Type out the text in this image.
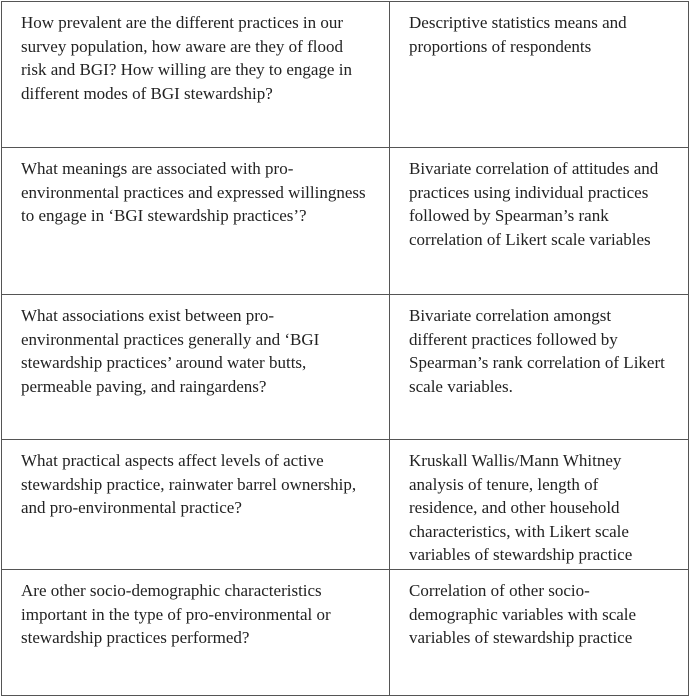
How prevalent are the different practices in our survey population, how aware are they of flood risk and BGI? How willing are they to engage in different modes of BGI stewardship?	Descriptive statistics means and proportions of respondents

What meanings are associated with pro-environmental practices and expressed willingness to engage in ‘BGI stewardship practices’?	Bivariate correlation of attitudes and practices using individual practices followed by Spearman’s rank correlation of Likert scale variables

What associations exist between pro-environmental practices generally and ‘BGI stewardship practices’ around water butts, permeable paving, and raingardens?	Bivariate correlation amongst different practices followed by Spearman’s rank correlation of Likert scale variables.

What practical aspects affect levels of active stewardship practice, rainwater barrel ownership, and pro-environmental practice?	Kruskall Wallis/Mann Whitney analysis of tenure, length of residence, and other household characteristics, with Likert scale variables of stewardship practice

Are other socio-demographic characteristics important in the type of pro-environmental or stewardship practices performed?	Correlation of other socio-demographic variables with scale variables of stewardship practice
